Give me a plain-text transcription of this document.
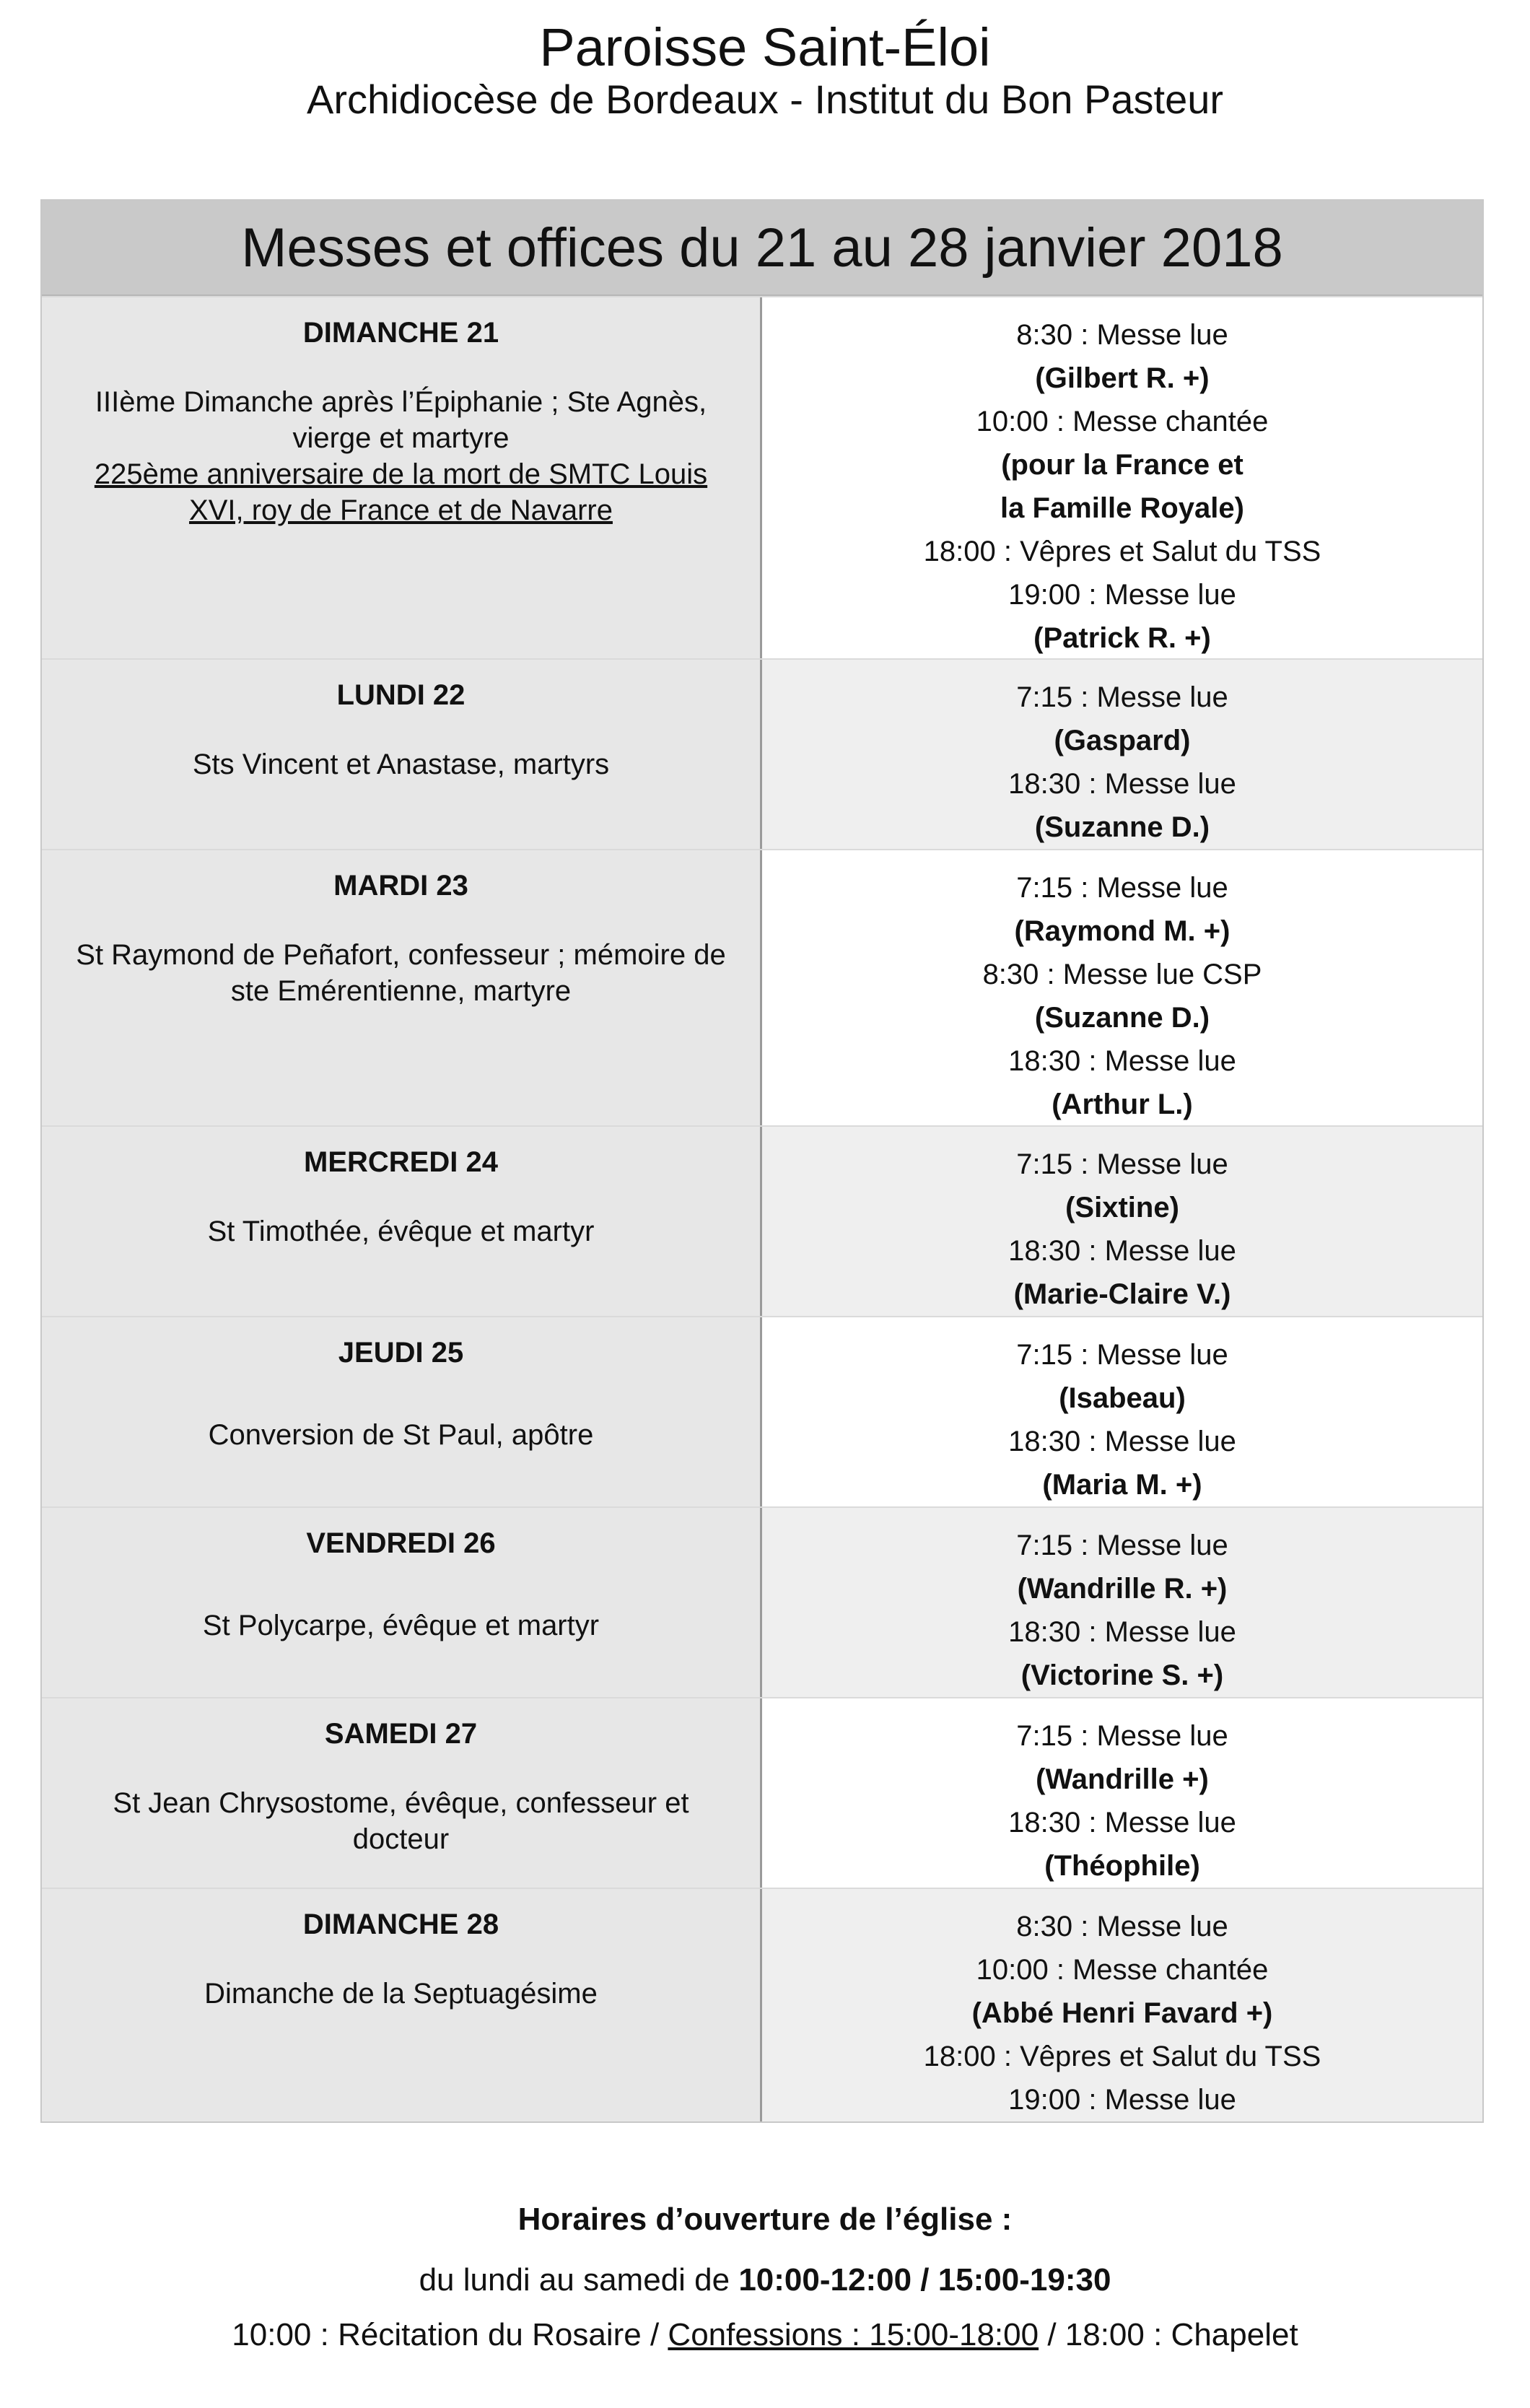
Paroisse Saint-Éloi
Archidiocèse de Bordeaux - Institut du Bon Pasteur
Messes et offices du 21 au 28 janvier 2018
DIMANCHE 21
IIIème Dimanche après l’Épiphanie ; Ste Agnès, vierge et martyre
225ème anniversaire de la mort de SMTC Louis XVI, roy de France et de Navarre
8:30 : Messe lue
(Gilbert R. +)
10:00 : Messe chantée
(pour la France et
la Famille Royale)
18:00 : Vêpres et Salut du TSS
19:00 : Messe lue
(Patrick R. +)
LUNDI 22
Sts Vincent et Anastase, martyrs
7:15 : Messe lue
(Gaspard)
18:30 : Messe lue
(Suzanne D.)
MARDI 23
St Raymond de Peñafort, confesseur ; mémoire de ste Emérentienne, martyre
7:15 : Messe lue
(Raymond M. +)
8:30 : Messe lue CSP
(Suzanne D.)
18:30 : Messe lue
(Arthur L.)
MERCREDI 24
St Timothée, évêque et martyr
7:15 : Messe lue
(Sixtine)
18:30 : Messe lue
(Marie-Claire V.)
JEUDI 25
Conversion de St Paul, apôtre
7:15 : Messe lue
(Isabeau)
18:30 : Messe lue
(Maria M. +)
VENDREDI 26
St Polycarpe, évêque et martyr
7:15 : Messe lue
(Wandrille R. +)
18:30 : Messe lue
(Victorine S. +)
SAMEDI 27
St Jean Chrysostome, évêque, confesseur et docteur
7:15 : Messe lue
(Wandrille +)
18:30 : Messe lue
(Théophile)
DIMANCHE 28
Dimanche de la Septuagésime
8:30 : Messe lue
10:00 : Messe chantée
(Abbé Henri Favard +)
18:00 : Vêpres et Salut du TSS
19:00 : Messe lue
Horaires d’ouverture de l’église :
du lundi au samedi de 10:00-12:00 / 15:00-19:30
10:00 : Récitation du Rosaire / Confessions : 15:00-18:00 / 18:00 : Chapelet
